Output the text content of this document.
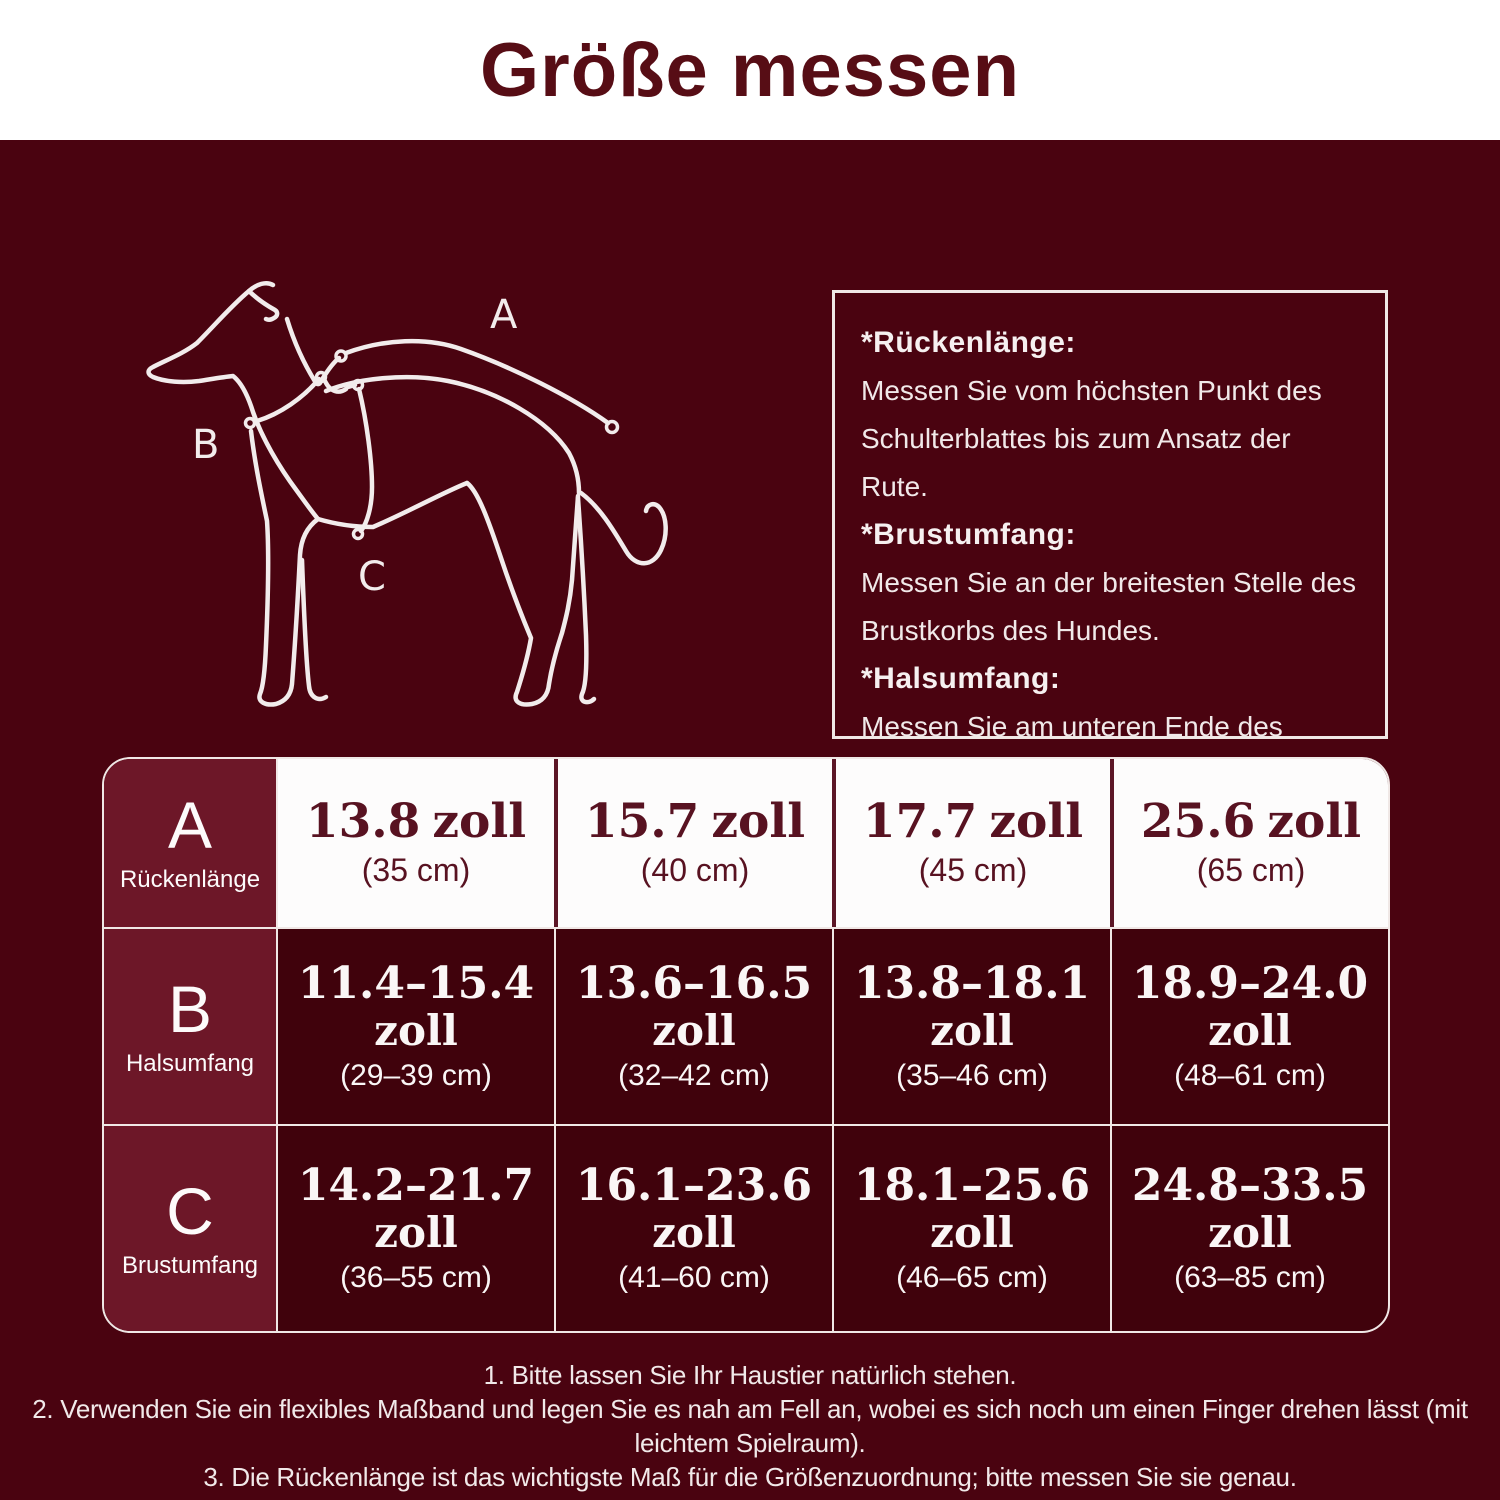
Größe messen
A
B
C
*Rückenlänge:
Messen Sie vom höchsten Punkt des Schulterblattes bis zum Ansatz der Rute.
*Brustumfang:
Messen Sie an der breitesten Stelle des Brustkorbs des Hundes.
*Halsumfang:
Messen Sie am unteren Ende des
A
Rückenlänge
13.8 zoll
(35 cm)
15.7 zoll
(40 cm)
17.7 zoll
(45 cm)
25.6 zoll
(65 cm)
B
Halsumfang
11.4–15.4
zoll
(29–39 cm)
13.6–16.5
zoll
(32–42 cm)
13.8–18.1
zoll
(35–46 cm)
18.9–24.0
zoll
(48–61 cm)
C
Brustumfang
14.2–21.7
zoll
(36–55 cm)
16.1–23.6
zoll
(41–60 cm)
18.1–25.6
zoll
(46–65 cm)
24.8–33.5
zoll
(63–85 cm)
1. Bitte lassen Sie Ihr Haustier natürlich stehen.
2. Verwenden Sie ein flexibles Maßband und legen Sie es nah am Fell an, wobei es sich noch um einen Finger drehen lässt (mit leichtem Spielraum).
3. Die Rückenlänge ist das wichtigste Maß für die Größenzuordnung; bitte messen Sie sie genau.
